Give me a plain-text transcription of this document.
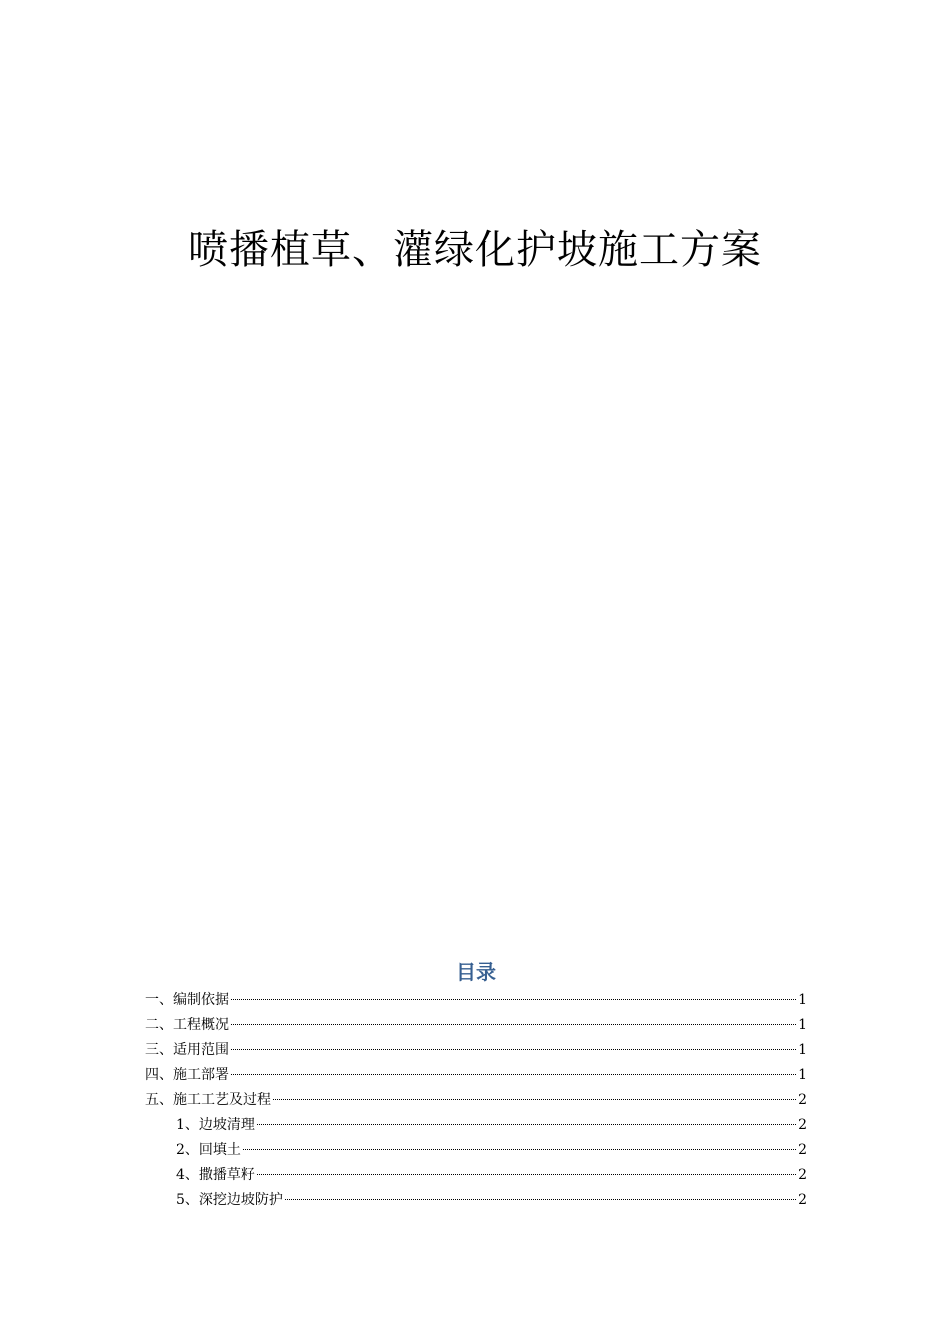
喷播植草、灌绿化护坡施工方案
目录
一、编制依据	1
二、工程概况	1
三、适用范围	1
四、施工部署	1
五、施工工艺及过程	2
1、边坡清理	2
2、回填土	2
4、撒播草籽	2
5、深挖边坡防护	2
